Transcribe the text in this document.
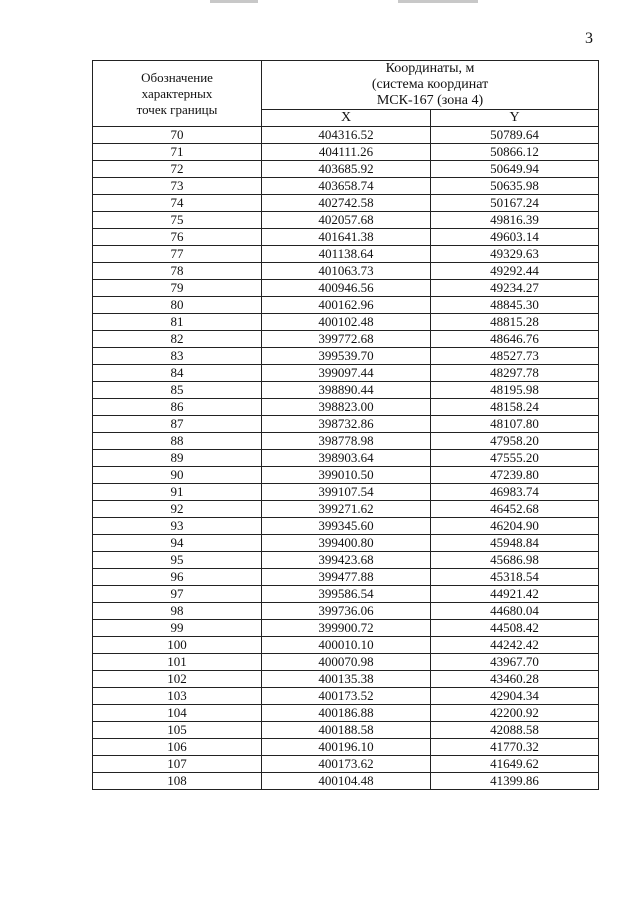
3
Обозначение
характерных
точек границы	Координаты, м
(система координат
МСК-167 (зона 4)	

	X	Y
70	404316.52	50789.64
71	404111.26	50866.12
72	403685.92	50649.94
73	403658.74	50635.98
74	402742.58	50167.24
75	402057.68	49816.39
76	401641.38	49603.14
77	401138.64	49329.63
78	401063.73	49292.44
79	400946.56	49234.27
80	400162.96	48845.30
81	400102.48	48815.28
82	399772.68	48646.76
83	399539.70	48527.73
84	399097.44	48297.78
85	398890.44	48195.98
86	398823.00	48158.24
87	398732.86	48107.80
88	398778.98	47958.20
89	398903.64	47555.20
90	399010.50	47239.80
91	399107.54	46983.74
92	399271.62	46452.68
93	399345.60	46204.90
94	399400.80	45948.84
95	399423.68	45686.98
96	399477.88	45318.54
97	399586.54	44921.42
98	399736.06	44680.04
99	399900.72	44508.42
100	400010.10	44242.42
101	400070.98	43967.70
102	400135.38	43460.28
103	400173.52	42904.34
104	400186.88	42200.92
105	400188.58	42088.58
106	400196.10	41770.32
107	400173.62	41649.62
108	400104.48	41399.86
